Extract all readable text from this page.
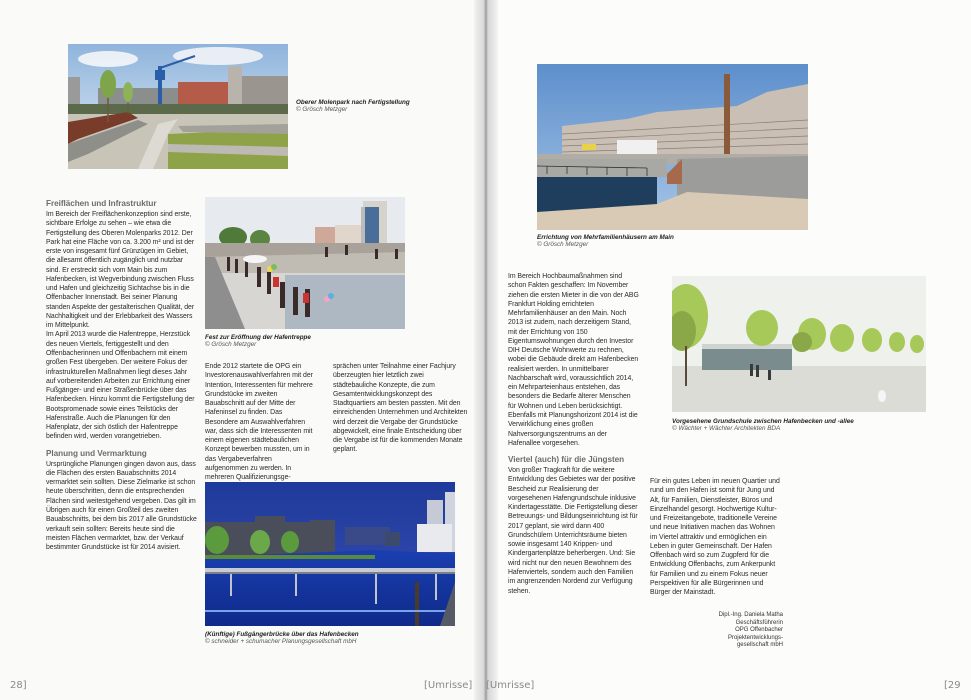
Oberer Molenpark nach Fertigstellung
© Grösch Metzger
Fest zur Eröffnung der Hafentreppe
© Grösch Metzger
Freiflächen und Infrastruktur

Im Bereich der Freiflächenkonzeption sind erste, sichtbare Erfolge zu sehen – wie etwa die Fertigstellung des Oberen Molenparks 2012. Der Park hat eine Fläche von ca. 3.200 m² und ist der erste von insgesamt fünf Grünzügen im Gebiet, die allesamt öffentlich zugänglich und nutzbar sind. Er erstreckt sich vom Main bis zum Hafenbecken, ist Wegverbindung zwischen Fluss und Hafen und gleichzeitig Sichtachse bis in die Offenbacher Innenstadt. Bei seiner Planung standen Aspekte der gestalterischen Qualität, der Nachhaltigkeit und der Erlebbarkeit des Wassers im Mittelpunkt.

Im April 2013 wurde die Hafentreppe, Herzstück des neuen Viertels, fertiggestellt und den Offenbacherinnen und Offenbachern mit einem großen Fest übergeben. Der weitere Fokus der infrastrukturellen Maßnahmen liegt dieses Jahr auf vorbereitenden Arbeiten zur Errichtung einer Fußgänger- und einer Straßenbrücke über das Hafenbecken. Hinzu kommt die Fertigstellung der Bootspromenade sowie eines Teilstücks der Hafenstraße. Auch die Planungen für den Hafenplatz, der sich östlich der Hafentreppe befinden wird, werden vorangetrieben.

Planung und Vermarktung

Ursprüngliche Planungen gingen davon aus, dass die Flächen des ersten Bauabschnitts 2014 vermarktet sein sollten. Diese Zielmarke ist schon heute überschritten, denn die entsprechenden Flächen sind weitestgehend vergeben. Das gilt im Übrigen auch für einen Großteil des zweiten Bauabschnitts, bei dem bis 2017 alle Grundstücke verkauft sein sollten: Bereits heute sind die meisten Flächen vermarktet, bzw. der Verkauf bestimmter Grundstücke ist für 2014 avisiert.

Ende 2012 startete die OPG ein Investorenauswahlverfahren mit der Intention, Interessenten für mehrere Grundstücke im zweiten Bauabschnitt auf der Mitte der Hafeninsel zu finden. Das Besondere am Auswahlverfahren war, dass sich die Interessenten mit einem eigenen städtebaulichen Konzept bewerben mussten, um in das Vergabeverfahren aufgenommen zu werden. In mehreren Qualifizierungsge-

sprächen unter Teilnahme einer Fachjury überzeugten hier letztlich zwei städtebauliche Konzepte, die zum Gesamtentwicklungskonzept des Stadtquartiers am besten passten. Mit den einreichenden Unternehmen und Architekten wird derzeit die Vergabe der Grundstücke abgewickelt, eine finale Entscheidung über die Vergabe ist für die kommenden Monate geplant.

(Künftige) Fußgängerbrücke über das Hafenbecken
© schneider + schumacher Planungsgesellschaft mbH
28]	[Umrisse]
Errichtung von Mehrfamilienhäusern am Main
© Grösch Metzger
Vorgesehene Grundschule zwischen Hafenbecken und -allee
© Wächter + Wächter Architekten BDA

Im Bereich Hochbaumaßnahmen sind schon Fakten geschaffen: Im November ziehen die ersten Mieter in die von der ABG Frankfurt Holding errichteten Mehrfamilienhäuser an den Main. Noch 2013 ist zudem, nach derzeitigem Stand, mit der Errichtung von 150 Eigentumswohnungen durch den Investor DIH Deutsche Wohnwerte zu rechnen, wobei die Gebäude direkt am Hafenbecken realisiert werden. In unmittelbarer Nachbarschaft wird, voraussichtlich 2014, ein Mehrparteienhaus entstehen, das besonders die Bedarfe älterer Menschen für Wohnen und Leben berücksichtigt. Ebenfalls mit Planungshorizont 2014 ist die Verwirklichung eines großen Nahversorgungszentrums an der Hafenallee vorgesehen.

Viertel (auch) für die Jüngsten

Von großer Tragkraft für die weitere Entwicklung des Gebietes war der positive Bescheid zur Realisierung der vorgesehenen Hafengrundschule inklusive Kindertagesstätte. Die Fertigstellung dieser Betreuungs- und Bildungseinrichtung ist für 2017 geplant, sie wird dann 400 Grundschülern Unterrichtsräume bieten sowie insgesamt 140 Krippen- und Kindergartenplätze beherbergen. Und: Sie wird nicht nur den neuen Bewohnern des Hafenviertels, sondern auch den Familien im angrenzenden Nordend zur Verfügung stehen.

Für ein gutes Leben im neuen Quartier und rund um den Hafen ist somit für Jung und Alt, für Familien, Dienstleister, Büros und Einzelhandel gesorgt. Hochwertige Kultur- und Freizeitangebote, traditionelle Vereine und neue Initiativen machen das Wohnen im Viertel attraktiv und ermöglichen ein Leben in guter Gemeinschaft. Der Hafen Offenbach wird so zum Zugpferd für die Entwicklung Offenbachs, zum Ankerpunkt für Familien und zu einem Fokus neuer Perspektiven für alle Bürgerinnen und Bürger der Mainstadt.

Dipl.-Ing. Daniela Matha
Geschäftsführerin
OPG Offenbacher
Projektentwicklungs-
gesellschaft mbH
[Umrisse]	[29
